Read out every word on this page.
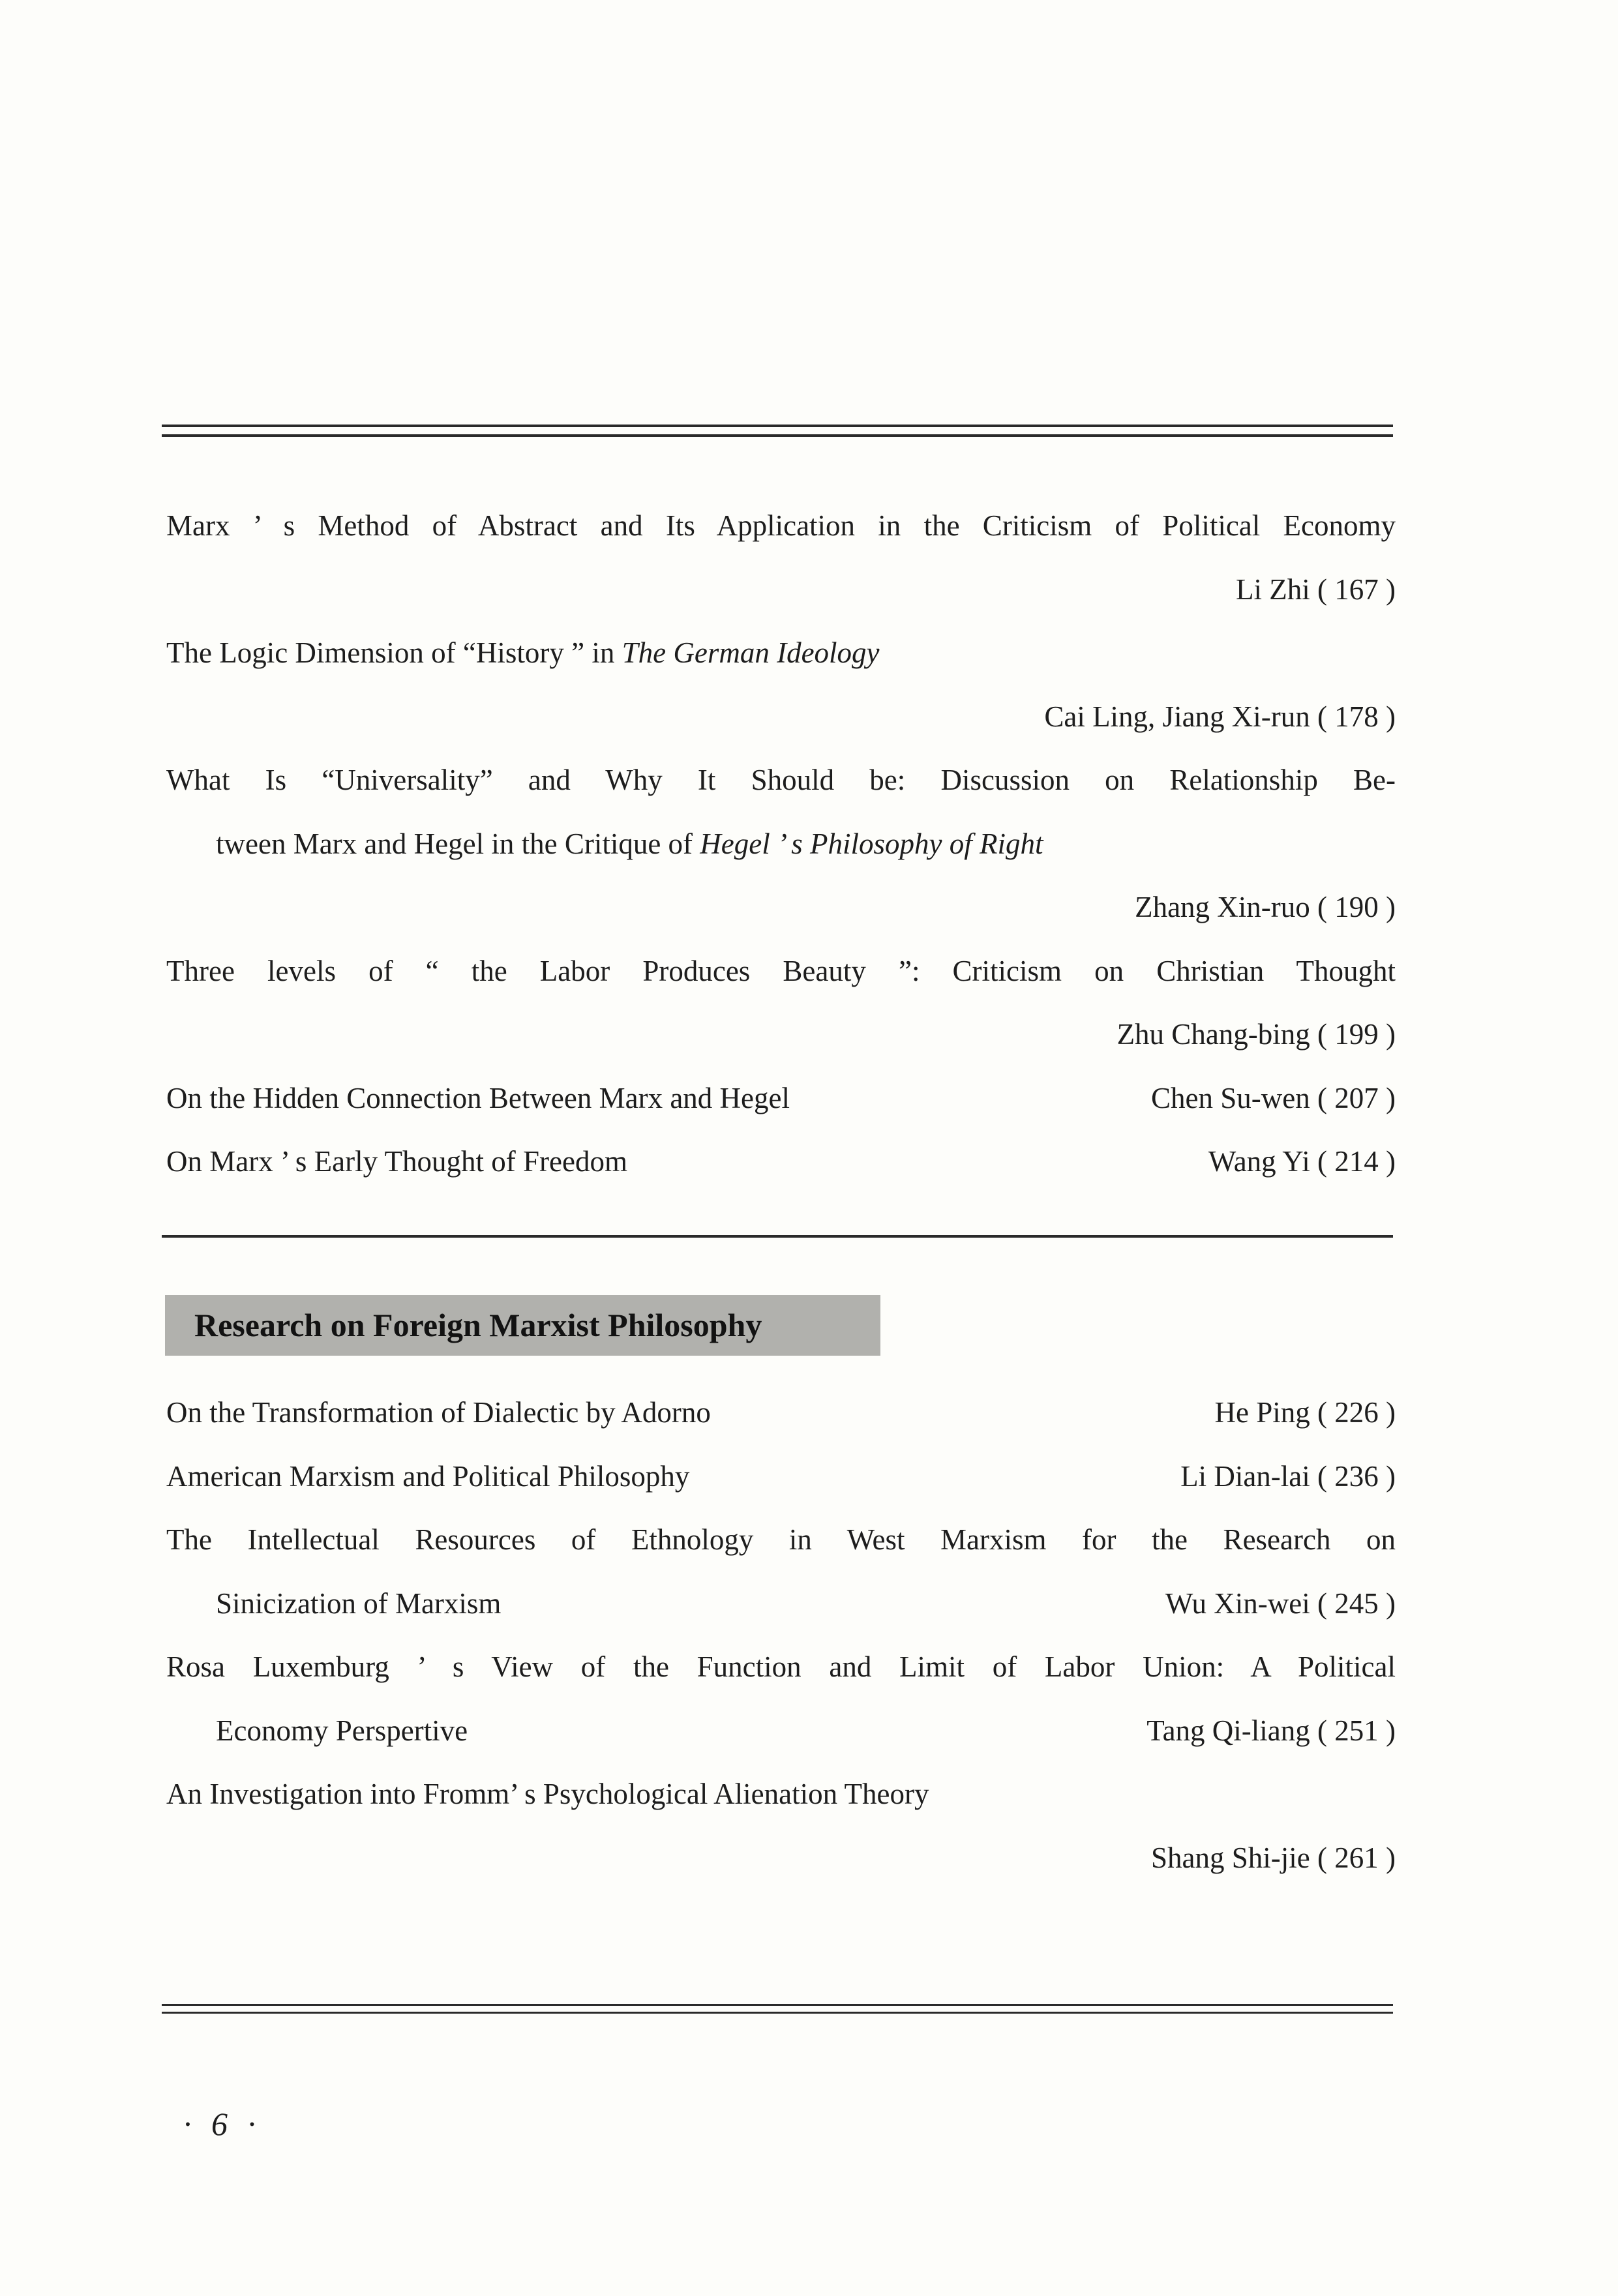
Marx ’ s Method of Abstract and Its Application in the Criticism of Political Economy
Li Zhi ( 167 )
The Logic Dimension of “History ” in The German Ideology
Cai Ling, Jiang Xi-run ( 178 )
What Is “Universality” and Why It Should be: Discussion on Relationship Be-
tween Marx and Hegel in the Critique of Hegel ’ s Philosophy of Right
Zhang Xin-ruo ( 190 )
Three levels of “ the Labor Produces Beauty ”: Criticism on Christian Thought
Zhu Chang-bing ( 199 )
On the Hidden Connection Between Marx and Hegel	Chen Su-wen ( 207 )
On Marx ’ s Early Thought of Freedom	Wang Yi ( 214 )
Research on Foreign Marxist Philosophy
On the Transformation of Dialectic by Adorno	He Ping ( 226 )
American Marxism and Political Philosophy	Li Dian-lai ( 236 )
The Intellectual Resources of Ethnology in West Marxism for the Research on
Sinicization of Marxism	Wu Xin-wei ( 245 )
Rosa Luxemburg ’ s View of the Function and Limit of Labor Union: A Political
Economy Perspertive	Tang Qi-liang ( 251 )
An Investigation into Fromm’ s Psychological Alienation Theory
Shang Shi-jie ( 261 )
· 6 ·
